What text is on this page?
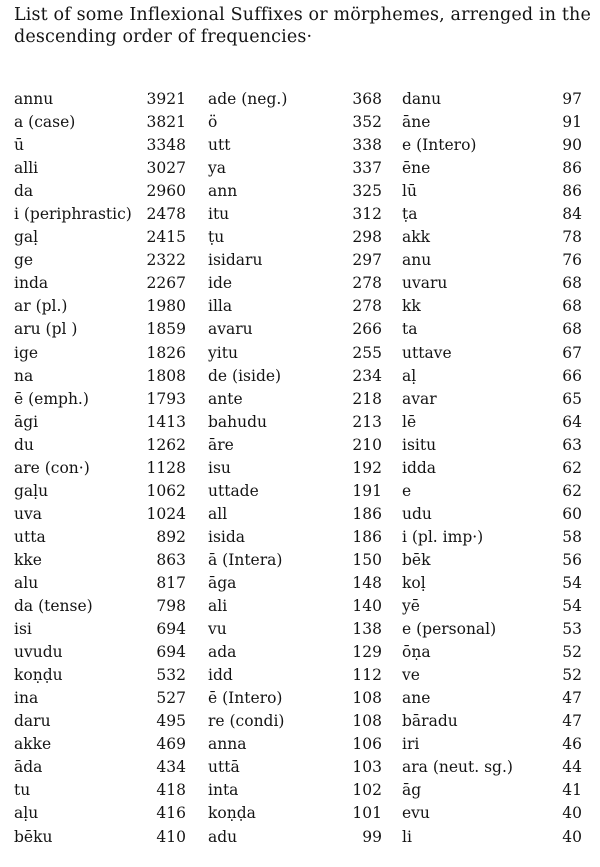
List of some Inflexional Suffixes or mörphemes, arrenged in the
descending order of frequencies·
annu	3921 ade (neg.)	368 danu	97
a (case)	3821 ö	352 āne	91
ū	3348 utt	338 e (Intero)	90
alli	3027 ya	337 ēne	86
da	2960 ann	325 lū	86
i (periphrastic) 2478 itu	312 ṭa	84
gaḷ	2415 ṭu	298 akk	78
ge	2322 isidaru	297 anu	76
inda	2267 ide	278 uvaru	68
ar (pl.)	1980 illa	278 kk	68
aru (pl )	1859 avaru	266 ta	68
ige	1826 yitu	255 uttave	67
na	1808 de (iside)	234 aḷ	66
ē (emph.)	1793 ante	218 avar	65
āgi	1413 bahudu	213 lē	64
du	1262 āre	210 isitu	63
are (con·)	1128 isu	192 idda	62
gaḷu	1062 uttade	191 e	62
uva	1024 all	186 udu	60
utta	892 isida	186 i (pl. imp·)	58
kke	863 ā (Intera)	150 bēk	56
alu	817 āga	148 koḷ	54
da (tense)	798 ali	140 yē	54
isi	694 vu	138 e (personal)	53
uvudu	694 ada	129 ōṇa	52
koṇḍu	532 idd	112 ve	52
ina	527 ē (Intero)	108 ane	47
daru	495 re (condi)	108 bāradu	47
akke	469 anna	106 iri	46
āda	434 uttā	103 ara (neut. sg.)	44
tu	418 inta	102 āg	41
aḷu	416 koṇḍa	101 evu	40
bēku	410 adu	99 li	40
